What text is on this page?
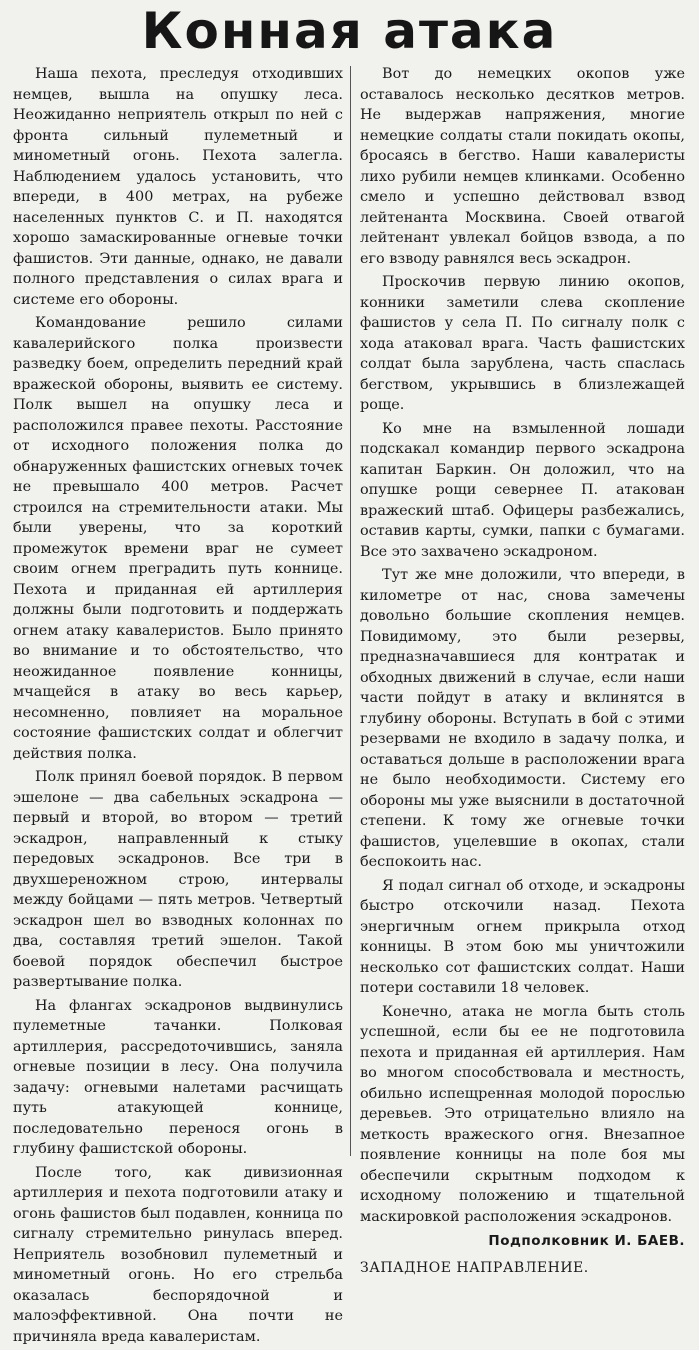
Конная атака

Наша пехота, преследуя отходивших немцев, вышла на опушку леса. Неожиданно неприятель открыл по ней с фронта сильный пулеметный и минометный огонь. Пехота залегла. Наблюдением удалось установить, что впереди, в 400 метрах, на рубеже населенных пунктов С. и П. находятся хорошо замаскированные огневые точки фашистов. Эти данные, однако, не давали полного представления о силах врага и системе его обороны.

Командование решило силами кавалерийского полка произвести разведку боем, определить передний край вражеской обороны, выявить ее систему. Полк вышел на опушку леса и расположился правее пехоты. Расстояние от исходного положения полка до обнаруженных фашистских огневых точек не превышало 400 метров. Расчет строился на стремительности атаки. Мы были уверены, что за короткий промежуток времени враг не сумеет своим огнем преградить путь коннице. Пехота и приданная ей артиллерия должны были подготовить и поддержать огнем атаку кавалеристов. Было принято во внимание и то обстоятельство, что неожиданное появление конницы, мчащейся в атаку во весь карьер, несомненно, повлияет на моральное состояние фашистских солдат и облегчит действия полка.

Полк принял боевой порядок. В первом эшелоне — два сабельных эскадрона — первый и второй, во втором — третий эскадрон, направленный к стыку передовых эскадронов. Все три в двухшереножном строю, интервалы между бойцами — пять метров. Четвертый эскадрон шел во взводных колоннах по два, составляя третий эшелон. Такой боевой порядок обеспечил быстрое развертывание полка.

На флангах эскадронов выдвинулись пулеметные тачанки. Полковая артиллерия, рассредоточившись, заняла огневые позиции в лесу. Она получила задачу: огневыми налетами расчищать путь атакующей коннице, последовательно перенося огонь в глубину фашистской обороны.

После того, как дивизионная артиллерия и пехота подготовили атаку и огонь фашистов был подавлен, конница по сигналу стремительно ринулась вперед. Неприятель возобновил пулеметный и минометный огонь. Но его стрельба оказалась беспорядочной и малоэффективной. Она почти не причиняла вреда кавалеристам.

Вот до немецких окопов уже оставалось несколько десятков метров. Не выдержав напряжения, многие немецкие солдаты стали покидать окопы, бросаясь в бегство. Наши кавалеристы лихо рубили немцев клинками. Особенно смело и успешно действовал взвод лейтенанта Москвина. Своей отвагой лейтенант увлекал бойцов взвода, а по его взводу равнялся весь эскадрон.

Проскочив первую линию окопов, конники заметили слева скопление фашистов у села П. По сигналу полк с хода атаковал врага. Часть фашистских солдат была зарублена, часть спаслась бегством, укрывшись в близлежащей роще.

Ко мне на взмыленной лошади подскакал командир первого эскадрона капитан Баркин. Он доложил, что на опушке рощи севернее П. атакован вражеский штаб. Офицеры разбежались, оставив карты, сумки, папки с бумагами. Все это захвачено эскадроном.

Тут же мне доложили, что впереди, в километре от нас, снова замечены довольно большие скопления немцев. Повидимому, это были резервы, предназначавшиеся для контратак и обходных движений в случае, если наши части пойдут в атаку и вклинятся в глубину обороны. Вступать в бой с этими резервами не входило в задачу полка, и оставаться дольше в расположении врага не было необходимости. Систему его обороны мы уже выяснили в достаточной степени. К тому же огневые точки фашистов, уцелевшие в окопах, стали беспокоить нас.

Я подал сигнал об отходе, и эскадроны быстро отскочили назад. Пехота энергичным огнем прикрыла отход конницы. В этом бою мы уничтожили несколько сот фашистских солдат. Наши потери составили 18 человек.

Конечно, атака не могла быть столь успешной, если бы ее не подготовила пехота и приданная ей артиллерия. Нам во многом способствовала и местность, обильно испещренная молодой порослью деревьев. Это отрицательно влияло на меткость вражеского огня. Внезапное появление конницы на поле боя мы обеспечили скрытным подходом к исходному положению и тщательной маскировкой расположения эскадронов.

Подполковник И. БАЕВ.
ЗАПАДНОЕ НАПРАВЛЕНИЕ.
